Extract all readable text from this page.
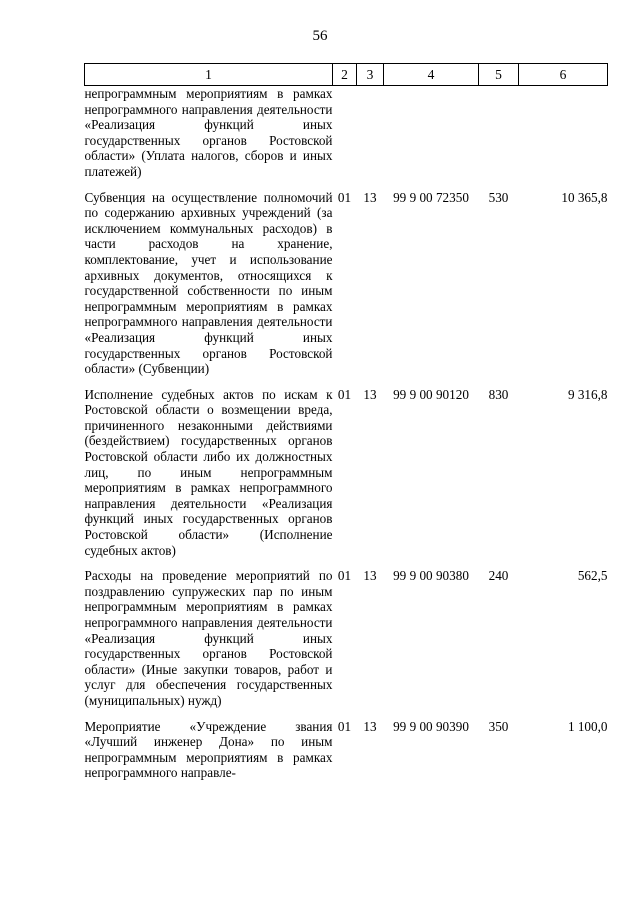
56
1	2	3	4	5	6
непрограммным мероприятиям в рамках непрограммного направления деятельности «Реализация функций иных государственных органов Ростовской области» (Уплата налогов, сборов и иных платежей)					
Субвенция на осуществление полномочий по содержанию архивных учреждений (за исключением коммунальных расходов) в части расходов на хранение, комплектование, учет и использование архивных документов, относящихся к государственной собственности по иным непрограммным мероприятиям в рамках непрограммного направления деятельности «Реализация функций иных государственных органов Ростовской области» (Субвенции)	01	13	99 9 00 72350	530	10 365,8
Исполнение судебных актов по искам к Ростовской области о возмещении вреда, причиненного незаконными действиями (бездействием) государственных органов Ростовской области либо их должностных лиц, по иным непрограммным мероприятиям в рамках непрограммного направления деятельности «Реализация функций иных государственных органов Ростовской области» (Исполнение судебных актов)	01	13	99 9 00 90120	830	9 316,8
Расходы на проведение мероприятий по поздравлению супружеских пар по иным непрограммным мероприятиям в рамках непрограммного направления деятельности «Реализация функций иных государственных органов Ростовской области» (Иные закупки товаров, работ и услуг для обеспечения государственных (муниципальных) нужд)	01	13	99 9 00 90380	240	562,5
Мероприятие «Учреждение звания «Лучший инженер Дона» по иным непрограммным мероприятиям в рамках непрограммного направле-	01	13	99 9 00 90390	350	1 100,0
